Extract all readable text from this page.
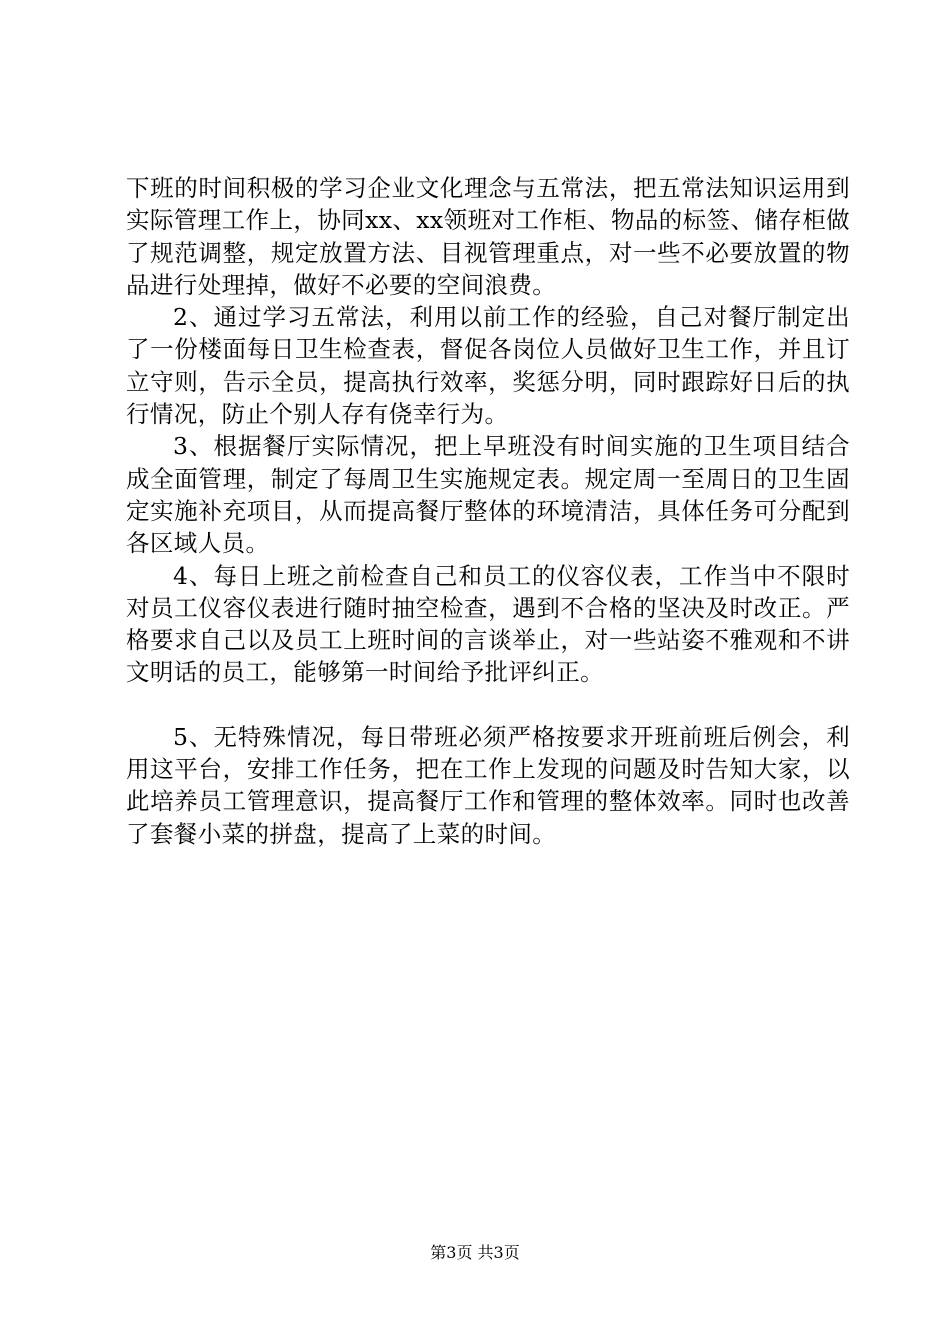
下班的时间积极的学习企业文化理念与五常法，把五常法知识运用到实际管理工作上，协同xx、xx领班对工作柜、物品的标签、储存柜做了规范调整，规定放置方法、目视管理重点，对一些不必要放置的物品进行处理掉，做好不必要的空间浪费。

2、通过学习五常法，利用以前工作的经验，自己对餐厅制定出了一份楼面每日卫生检查表，督促各岗位人员做好卫生工作，并且订立守则，告示全员，提高执行效率，奖惩分明，同时跟踪好日后的执行情况，防止个别人存有侥幸行为。

3、根据餐厅实际情况，把上早班没有时间实施的卫生项目结合成全面管理，制定了每周卫生实施规定表。规定周一至周日的卫生固定实施补充项目，从而提高餐厅整体的环境清洁，具体任务可分配到各区域人员。

4、每日上班之前检查自己和员工的仪容仪表，工作当中不限时对员工仪容仪表进行随时抽空检查，遇到不合格的坚决及时改正。严格要求自己以及员工上班时间的言谈举止，对一些站姿不雅观和不讲文明话的员工，能够第一时间给予批评纠正。

5、无特殊情况，每日带班必须严格按要求开班前班后例会，利用这平台，安排工作任务，把在工作上发现的问题及时告知大家，以此培养员工管理意识，提高餐厅工作和管理的整体效率。同时也改善了套餐小菜的拼盘，提高了上菜的时间。

第3页 共3页
